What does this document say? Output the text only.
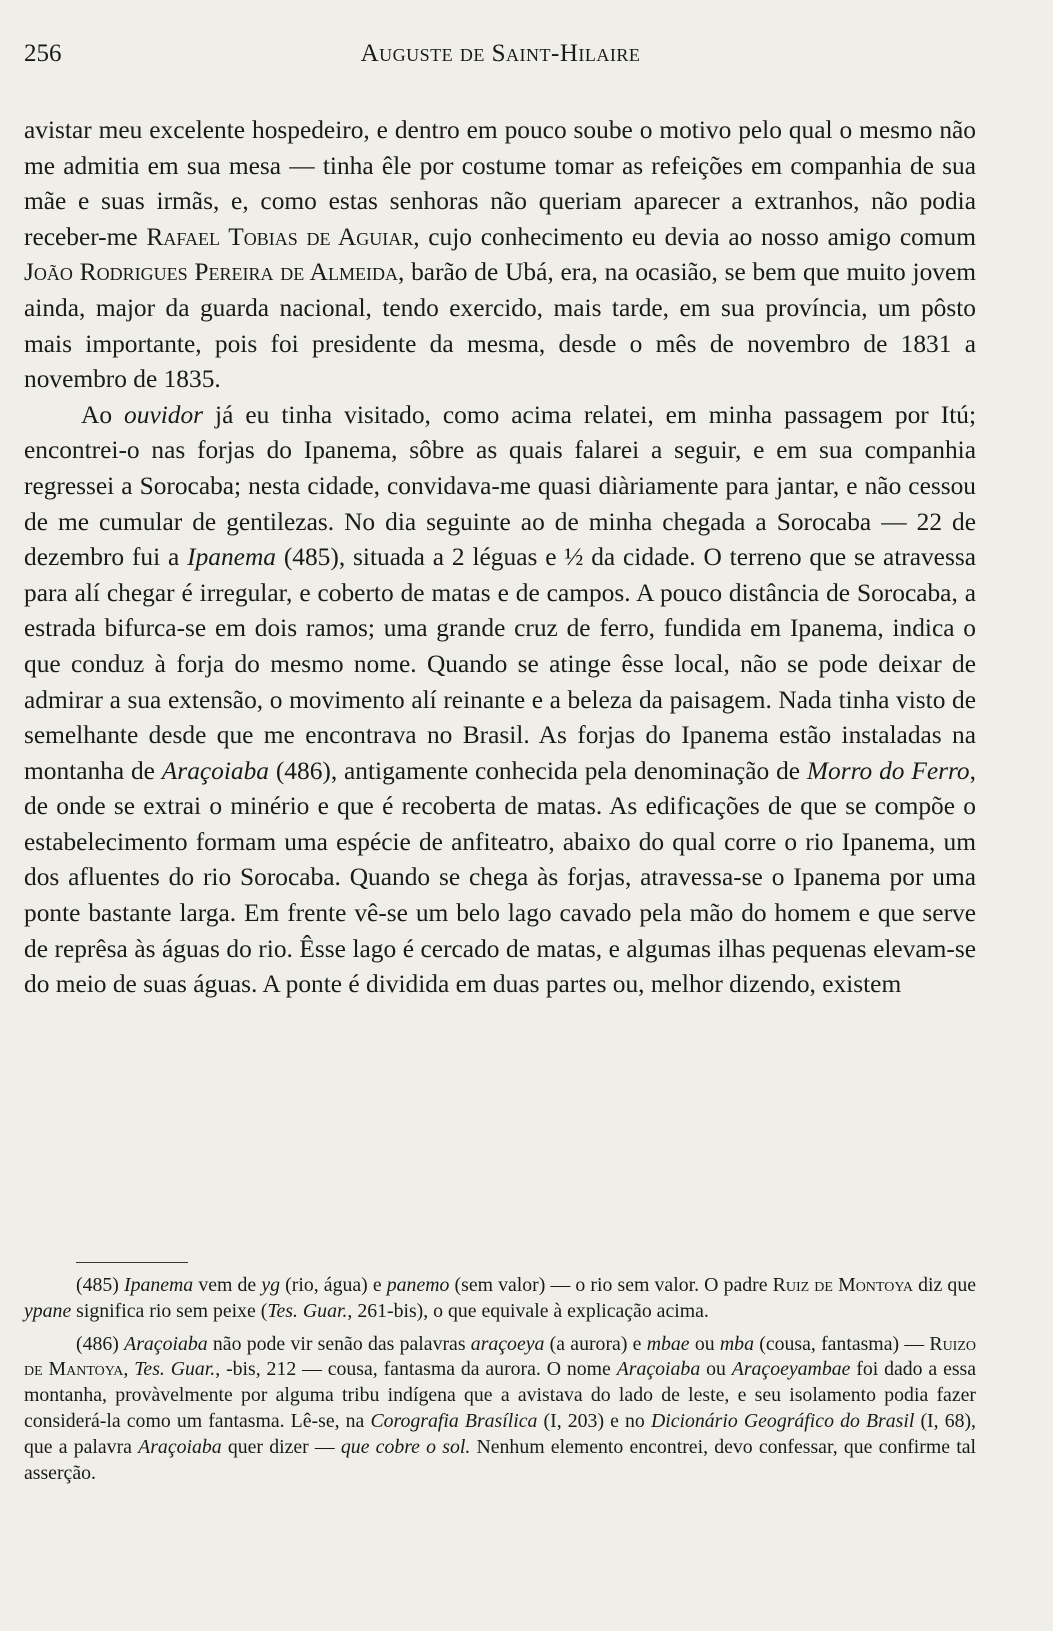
256	Auguste de Saint-Hilaire

avistar meu excelente hospedeiro, e dentro em pouco soube o motivo pelo qual o mesmo não me admitia em sua mesa — tinha êle por costume tomar as refeições em companhia de sua mãe e suas irmãs, e, como estas senhoras não queriam aparecer a extranhos, não podia receber-me Rafael Tobias de Aguiar, cujo conhecimento eu devia ao nosso amigo comum João Rodrigues Pereira de Almeida, barão de Ubá, era, na ocasião, se bem que muito jovem ainda, major da guarda nacional, tendo exercido, mais tarde, em sua província, um pôsto mais importante, pois foi presidente da mesma, desde o mês de novembro de 1831 a novembro de 1835.

Ao ouvidor já eu tinha visitado, como acima relatei, em minha passagem por Itú; encontrei-o nas forjas do Ipanema, sôbre as quais falarei a seguir, e em sua companhia regressei a Sorocaba; nesta cidade, convidava-me quasi diàriamente para jantar, e não cessou de me cumular de gentilezas. No dia seguinte ao de minha chegada a Sorocaba — 22 de dezembro fui a Ipanema (485), situada a 2 léguas e ½ da cidade. O terreno que se atravessa para alí chegar é irregular, e coberto de matas e de campos. A pouco distância de Sorocaba, a estrada bifurca-se em dois ramos; uma grande cruz de ferro, fundida em Ipanema, indica o que conduz à forja do mesmo nome. Quando se atinge êsse local, não se pode deixar de admirar a sua extensão, o movimento alí reinante e a beleza da paisagem. Nada tinha visto de semelhante desde que me encontrava no Brasil. As forjas do Ipanema estão instaladas na montanha de Araçoiaba (486), antigamente conhecida pela denominação de Morro do Ferro, de onde se extrai o minério e que é recoberta de matas. As edificações de que se compõe o estabelecimento formam uma espécie de anfiteatro, abaixo do qual corre o rio Ipanema, um dos afluentes do rio Sorocaba. Quando se chega às forjas, atravessa-se o Ipanema por uma ponte bastante larga. Em frente vê-se um belo lago cavado pela mão do homem e que serve de reprêsa às águas do rio. Êsse lago é cercado de matas, e algumas ilhas pequenas elevam-se do meio de suas águas. A ponte é dividida em duas partes ou, melhor dizendo, existem

(485) Ipanema vem de yg (rio, água) e panemo (sem valor) — o rio sem valor. O padre Ruiz de Montoya diz que ypane significa rio sem peixe (Tes. Guar., 261-bis), o que equivale à explicação acima.

(486) Araçoiaba não pode vir senão das palavras araçoeya (a aurora) e mbae ou mba (cousa, fantasma) — Ruizo de Mantoya, Tes. Guar., -bis, 212 — cousa, fantasma da aurora. O nome Araçoiaba ou Araçoeyambae foi dado a essa montanha, provàvelmente por alguma tribu indígena que a avistava do lado de leste, e seu isolamento podia fazer considerá-la como um fantasma. Lê-se, na Corografia Brasílica (I, 203) e no Dicionário Geográfico do Brasil (I, 68), que a palavra Araçoiaba quer dizer — que cobre o sol. Nenhum elemento encontrei, devo confessar, que confirme tal asserção.
